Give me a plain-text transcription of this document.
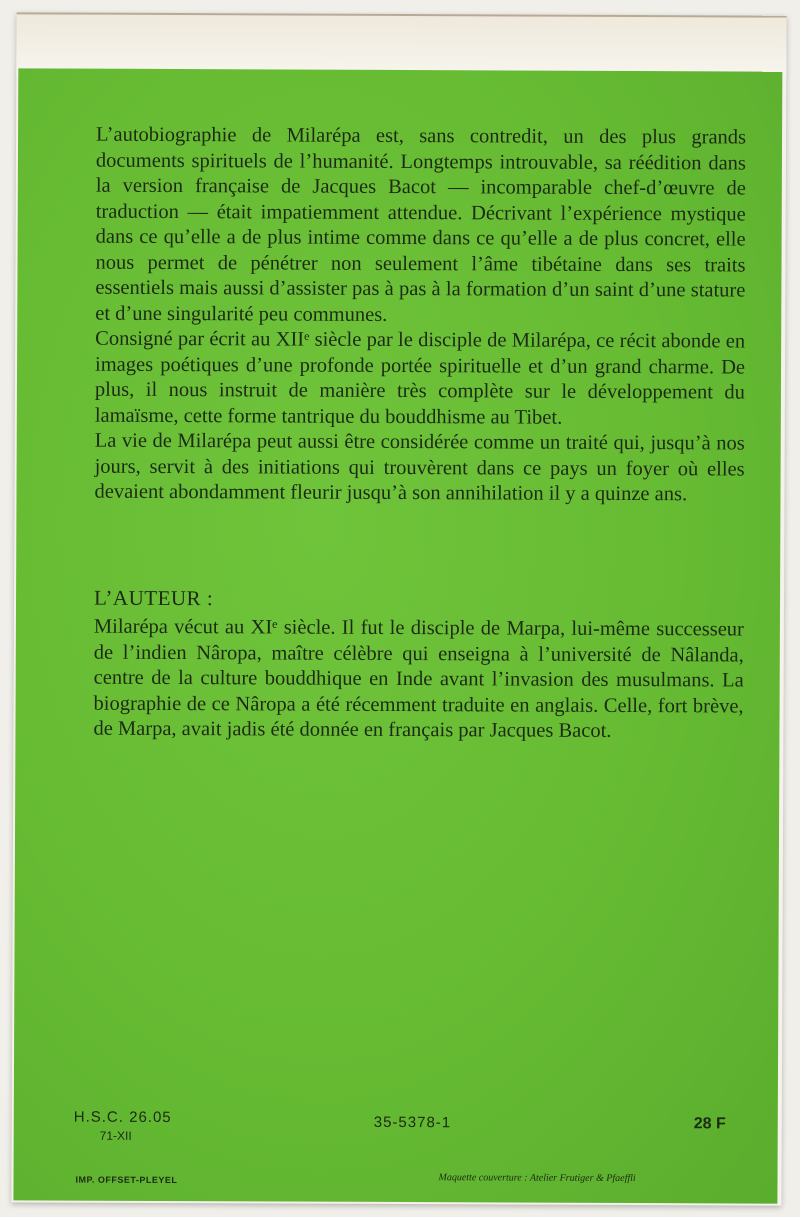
L’autobiographie de Milarépa est, sans contredit, un des plus grands documents spirituels de l’humanité. Longtemps introuvable, sa réédition dans la version française de Jacques Bacot — incomparable chef-d’œuvre de traduction — était impatiemment attendue. Décrivant l’expérience mystique dans ce qu’elle a de plus intime comme dans ce qu’elle a de plus concret, elle nous permet de pénétrer non seulement l’âme tibétaine dans ses traits essentiels mais aussi d’assister pas à pas à la formation d’un saint d’une stature et d’une singularité peu communes.

Consigné par écrit au XIIᵉ siècle par le disciple de Milarépa, ce récit abonde en images poétiques d’une profonde portée spirituelle et d’un grand charme. De plus, il nous instruit de manière très complète sur le développement du lamaïsme, cette forme tantrique du bouddhisme au Tibet.

La vie de Milarépa peut aussi être considérée comme un traité qui, jusqu’à nos jours, servit à des initiations qui trouvèrent dans ce pays un foyer où elles devaient abondamment fleurir jusqu’à son annihilation il y a quinze ans.

L’AUTEUR :
Milarépa vécut au XIᵉ siècle. Il fut le disciple de Marpa, lui-même successeur de l’indien Nâropa, maître célèbre qui enseigna à l’université de Nâlanda, centre de la culture bouddhique en Inde avant l’invasion des musulmans. La biographie de ce Nâropa a été récemment traduite en anglais. Celle, fort brève, de Marpa, avait jadis été donnée en français par Jacques Bacot.
H.S.C. 26.05
71-XII
35-5378-1	28 F
IMP. OFFSET-PLEYEL	Maquette couverture : Atelier Frutiger & Pfaeffli
